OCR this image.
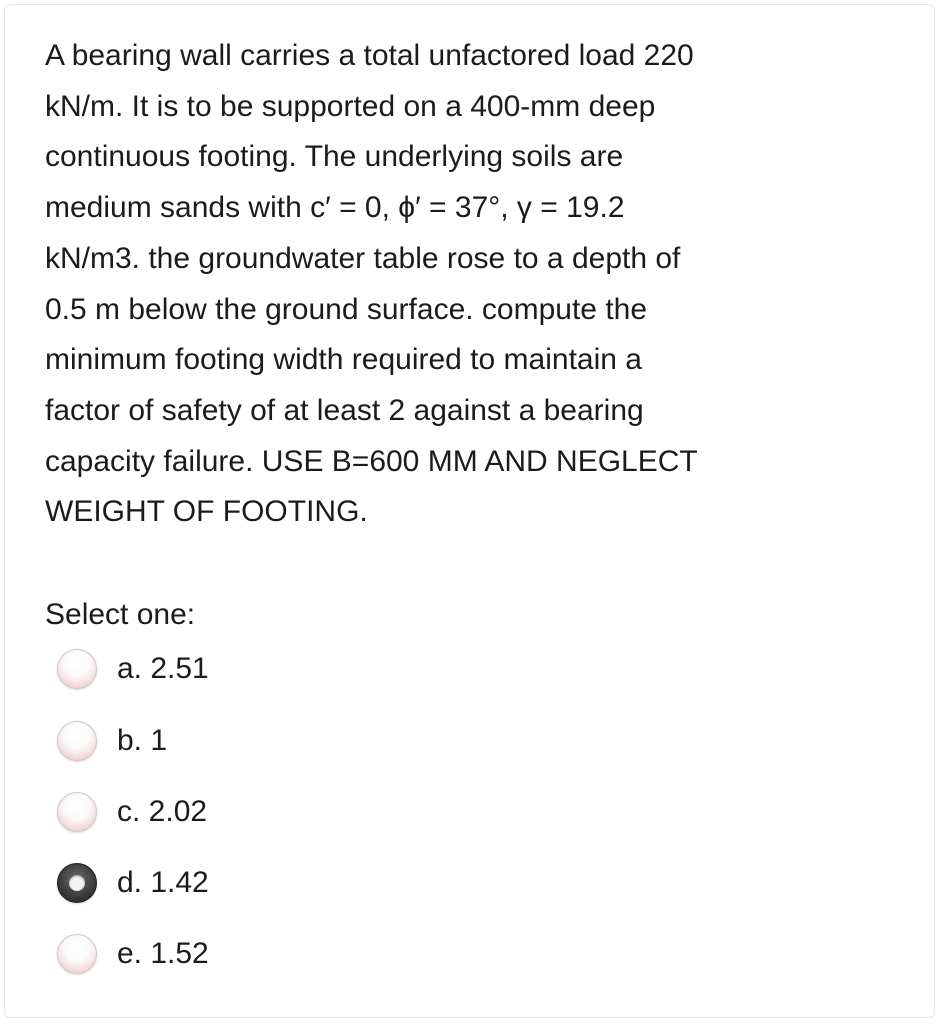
A bearing wall carries a total unfactored load 220
kN/m. It is to be supported on a 400-mm deep
continuous footing. The underlying soils are
medium sands with c′ = 0, ϕ′ = 37°, γ = 19.2
kN/m3. the groundwater table rose to a depth of
0.5 m below the ground surface. compute the
minimum footing width required to maintain a
factor of safety of at least 2 against a bearing
capacity failure. USE B=600 MM AND NEGLECT
WEIGHT OF FOOTING.
Select one:
a. 2.51
b. 1
c. 2.02
d. 1.42
e. 1.52
